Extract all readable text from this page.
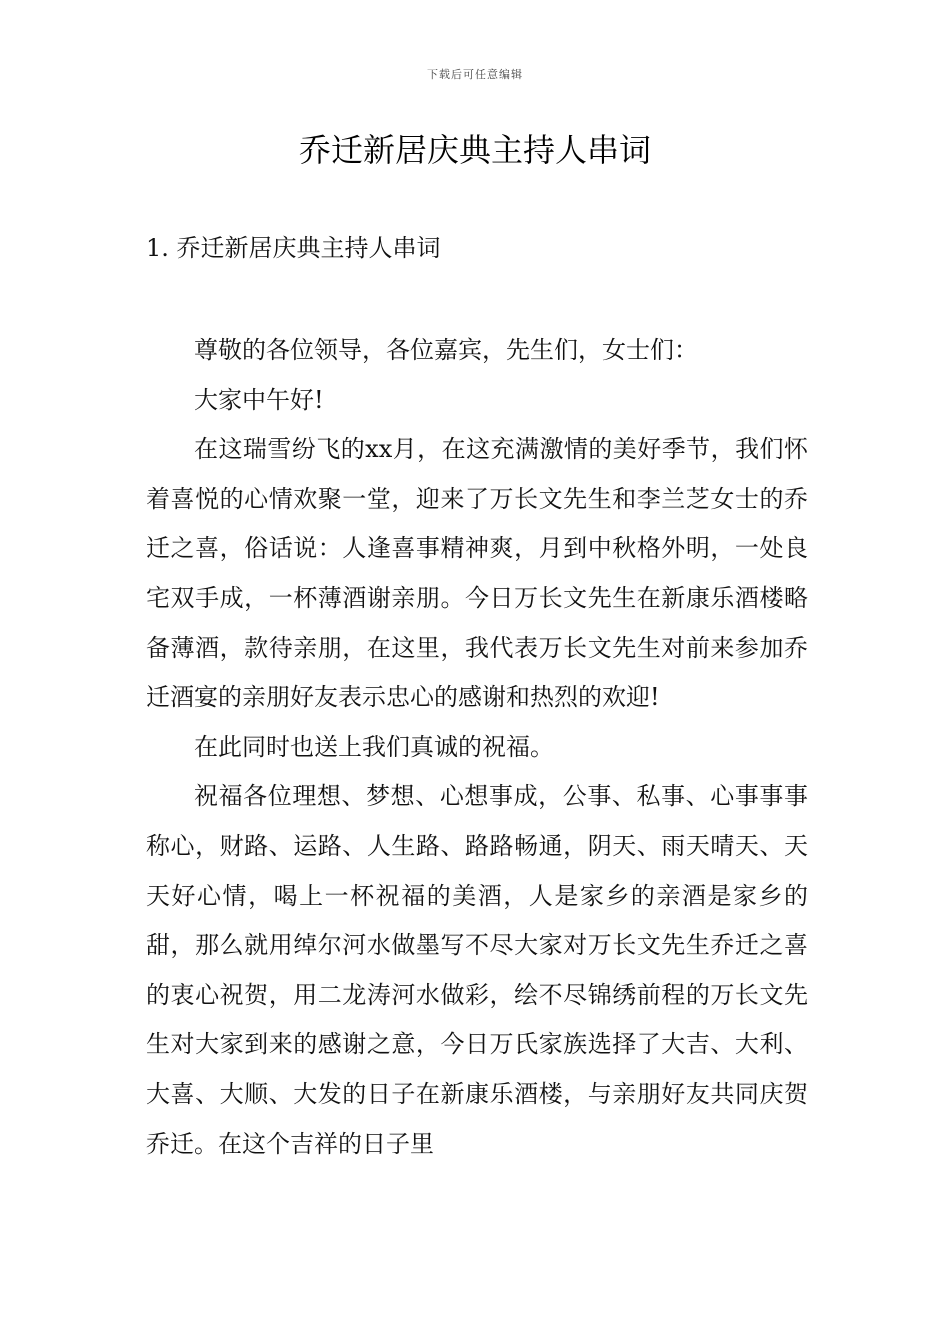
下载后可任意编辑
乔迁新居庆典主持人串词
1. 乔迁新居庆典主持人串词

尊敬的各位领导，各位嘉宾，先生们，女士们：

大家中午好!

在这瑞雪纷飞的xx月，在这充满激情的美好季节，我们怀着喜悦的心情欢聚一堂，迎来了万长文先生和李兰芝女士的乔迁之喜，俗话说：人逢喜事精神爽，月到中秋格外明，一处良宅双手成，一杯薄酒谢亲朋。今日万长文先生在新康乐酒楼略备薄酒，款待亲朋，在这里，我代表万长文先生对前来参加乔迁酒宴的亲朋好友表示忠心的感谢和热烈的欢迎!

在此同时也送上我们真诚的祝福。

祝福各位理想、梦想、心想事成，公事、私事、心事事事称心，财路、运路、人生路、路路畅通，阴天、雨天晴天、天天好心情，喝上一杯祝福的美酒，人是家乡的亲酒是家乡的甜，那么就用绰尔河水做墨写不尽大家对万长文先生乔迁之喜的衷心祝贺，用二龙涛河水做彩，绘不尽锦绣前程的万长文先生对大家到来的感谢之意，今日万氏家族选择了大吉、大利、大喜、大顺、大发的日子在新康乐酒楼，与亲朋好友共同庆贺乔迁。在这个吉祥的日子里
